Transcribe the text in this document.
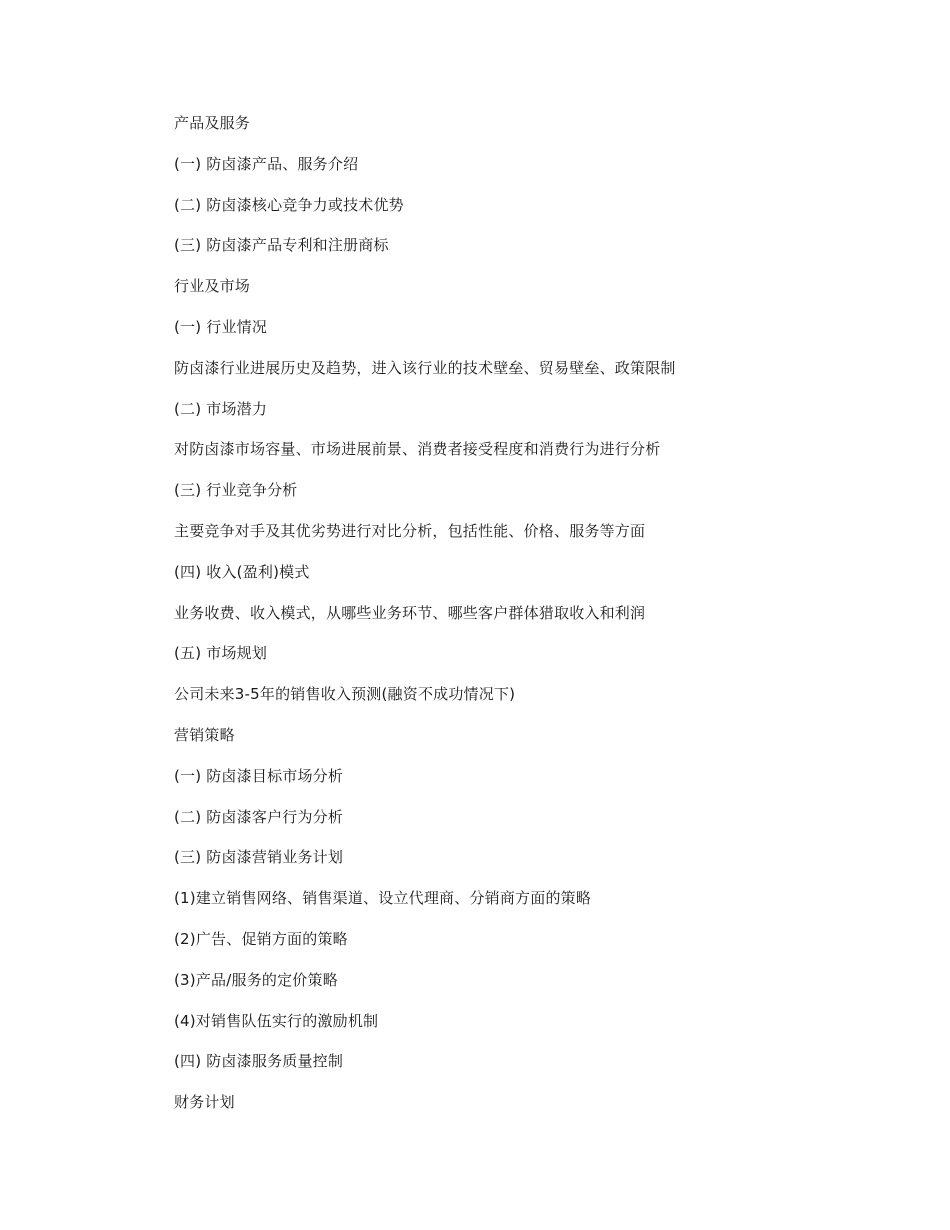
产品及服务
(一) 防卤漆产品、服务介绍
(二) 防卤漆核心竞争力或技术优势
(三) 防卤漆产品专利和注册商标
行业及市场
(一) 行业情况
防卤漆行业进展历史及趋势，进入该行业的技术壁垒、贸易壁垒、政策限制
(二) 市场潜力
对防卤漆市场容量、市场进展前景、消费者接受程度和消费行为进行分析
(三) 行业竞争分析
主要竞争对手及其优劣势进行对比分析，包括性能、价格、服务等方面
(四) 收入(盈利)模式
业务收费、收入模式，从哪些业务环节、哪些客户群体猎取收入和利润
(五) 市场规划
公司未来3-5年的销售收入预测(融资不成功情况下)
营销策略
(一) 防卤漆目标市场分析
(二) 防卤漆客户行为分析
(三) 防卤漆营销业务计划
(1)建立销售网络、销售渠道、设立代理商、分销商方面的策略
(2)广告、促销方面的策略
(3)产品/服务的定价策略
(4)对销售队伍实行的激励机制
(四) 防卤漆服务质量控制
财务计划
